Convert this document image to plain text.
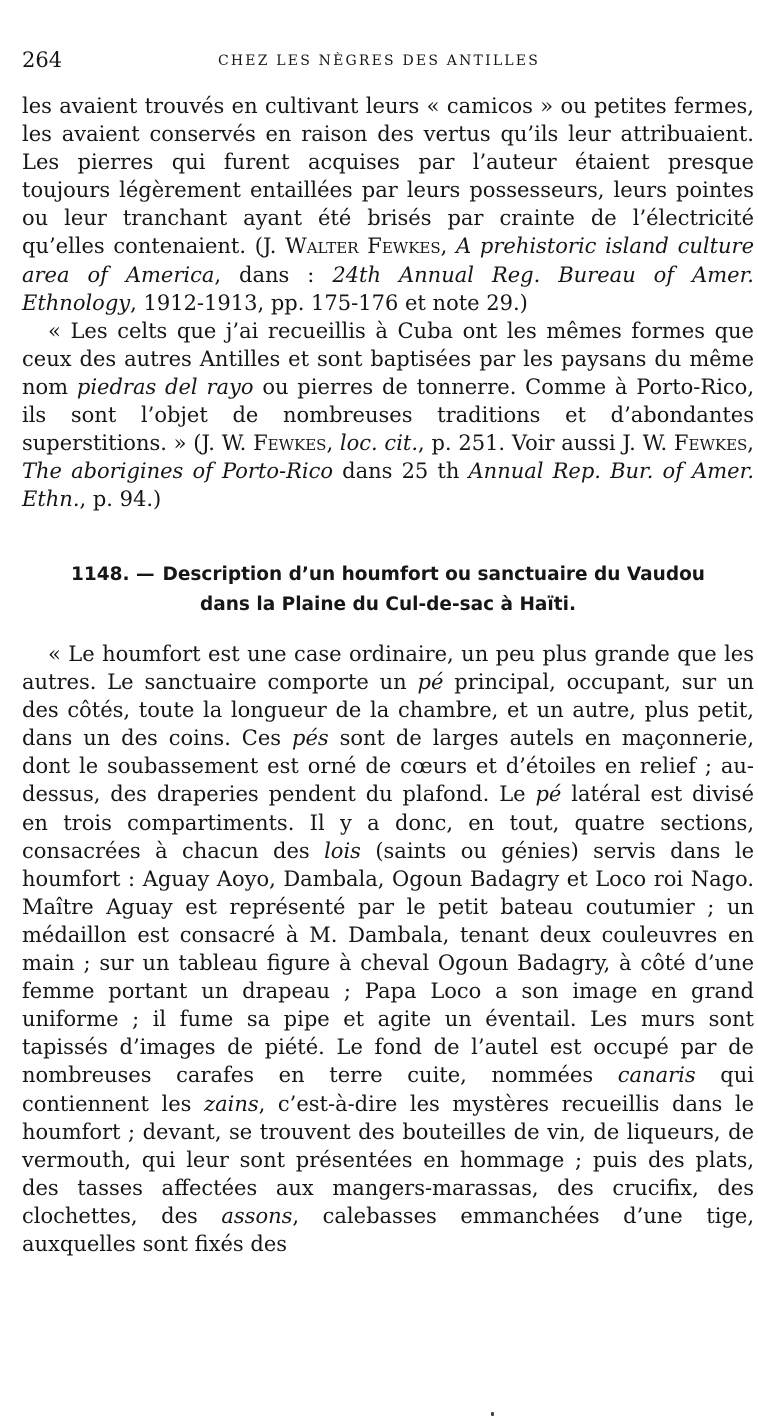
264	CHEZ LES NÈGRES DES ANTILLES

les avaient trouvés en cultivant leurs « camicos » ou petites fermes, les avaient conservés en raison des vertus qu’ils leur attribuaient. Les pierres qui furent acquises par l’auteur étaient presque toujours légèrement entaillées par leurs possesseurs, leurs pointes ou leur tranchant ayant été brisés par crainte de l’électricité qu’elles contenaient. (J. Walter Fewkes, A prehistoric island culture area of America, dans : 24th Annual Reg. Bureau of Amer. Ethnology, 1912-1913, pp. 175-176 et note 29.)

« Les celts que j’ai recueillis à Cuba ont les mêmes formes que ceux des autres Antilles et sont baptisées par les paysans du même nom piedras del rayo ou pierres de tonnerre. Comme à Porto-Rico, ils sont l’objet de nombreuses traditions et d’abondantes superstitions. » (J. W. Fewkes, loc. cit., p. 251. Voir aussi J. W. Fewkes, The aborigines of Porto-Rico dans 25 th Annual Rep. Bur. of Amer. Ethn., p. 94.)

1148. — Description d’un houmfort ou sanctuaire du Vaudou
dans la Plaine du Cul-de-sac à Haïti.

« Le houmfort est une case ordinaire, un peu plus grande que les autres. Le sanctuaire comporte un pé principal, occupant, sur un des côtés, toute la longueur de la chambre, et un autre, plus petit, dans un des coins. Ces pés sont de larges autels en maçonnerie, dont le soubassement est orné de cœurs et d’étoiles en relief ; au-dessus, des draperies pendent du plafond. Le pé latéral est divisé en trois compartiments. Il y a donc, en tout, quatre sections, consacrées à chacun des lois (saints ou génies) servis dans le houmfort : Aguay Aoyo, Dambala, Ogoun Badagry et Loco roi Nago. Maître Aguay est représenté par le petit bateau coutumier ; un médaillon est consacré à M. Dambala, tenant deux couleuvres en main ; sur un tableau figure à cheval Ogoun Badagry, à côté d’une femme portant un drapeau ; Papa Loco a son image en grand uniforme ; il fume sa pipe et agite un éventail. Les murs sont tapissés d’images de piété. Le fond de l’autel est occupé par de nombreuses carafes en terre cuite, nommées canaris qui contiennent les zains, c’est-à-dire les mystères recueillis dans le houmfort ; devant, se trouvent des bouteilles de vin, de liqueurs, de vermouth, qui leur sont présentées en hommage ; puis des plats, des tasses affectées aux mangers-marassas, des crucifix, des clochettes, des assons, calebasses emmanchées d’une tige, auxquelles sont fixés des
